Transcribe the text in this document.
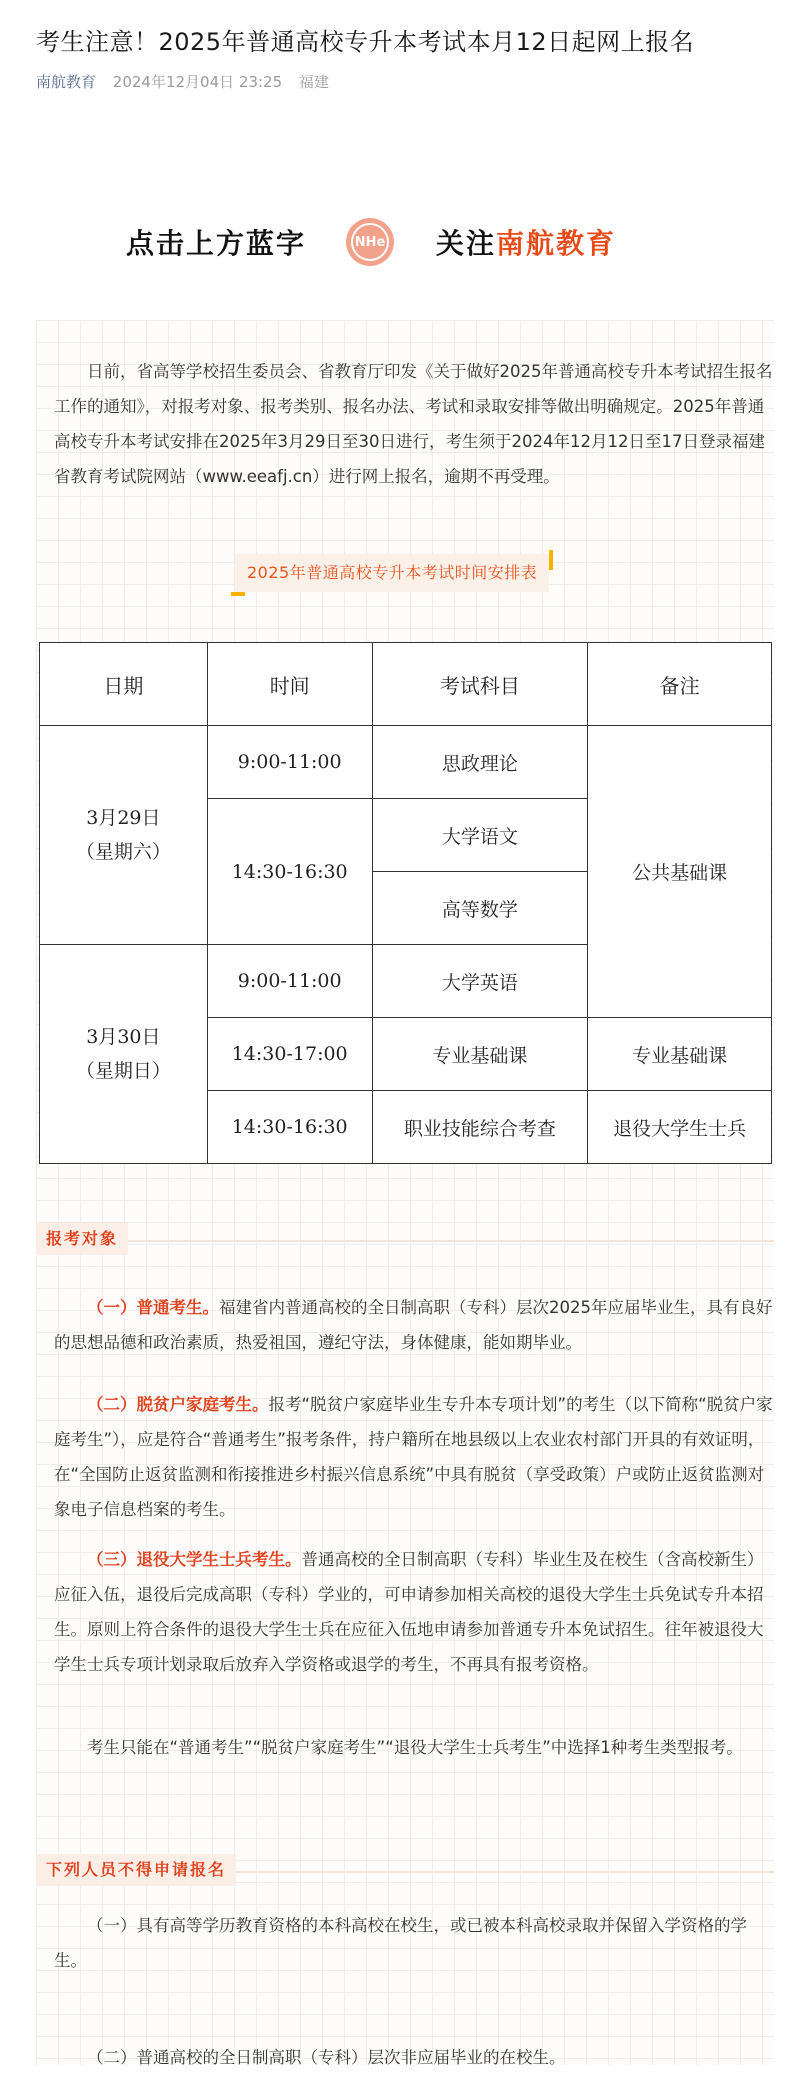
考生注意！2025年普通高校专升本考试本月12日起网上报名
南航教育 2024年12月04日 23:25 福建
点击上方蓝字	NHe 关注南航教育

日前，省高等学校招生委员会、省教育厅印发《关于做好2025年普通高校专升本考试招生报名工作的通知》，对报考对象、报考类别、报名办法、考试和录取安排等做出明确规定。2025年普通高校专升本考试安排在2025年3月29日至30日进行，考生须于2024年12月12日至17日登录福建省教育考试院网站（www.eeafj.cn）进行网上报名，逾期不再受理。

2025年普通高校专升本考试时间安排表
日期	时间	考试科目	备注

3月29日
（星期六）	9:00-11:00	思政理论	公共基础课
	14:30-16:30	大学语文	
		高等数学	

3月30日
（星期日）	9:00-11:00	大学英语	
	14:30-17:00	专业基础课	专业基础课
	14:30-16:30	职业技能综合考查	退役大学生士兵
报考对象

（一）普通考生。福建省内普通高校的全日制高职（专科）层次2025年应届毕业生，具有良好的思想品德和政治素质，热爱祖国，遵纪守法，身体健康，能如期毕业。

（二）脱贫户家庭考生。报考“脱贫户家庭毕业生专升本专项计划”的考生（以下简称“脱贫户家庭考生”），应是符合“普通考生”报考条件，持户籍所在地县级以上农业农村部门开具的有效证明，在“全国防止返贫监测和衔接推进乡村振兴信息系统”中具有脱贫（享受政策）户或防止返贫监测对象电子信息档案的考生。

（三）退役大学生士兵考生。普通高校的全日制高职（专科）毕业生及在校生（含高校新生）应征入伍，退役后完成高职（专科）学业的，可申请参加相关高校的退役大学生士兵免试专升本招生。原则上符合条件的退役大学生士兵在应征入伍地申请参加普通专升本免试招生。往年被退役大学生士兵专项计划录取后放弃入学资格或退学的考生，不再具有报考资格。

考生只能在“普通考生”“脱贫户家庭考生”“退役大学生士兵考生”中选择1种考生类型报考。

下列人员不得申请报名

（一）具有高等学历教育资格的本科高校在校生，或已被本科高校录取并保留入学资格的学生。

（二）普通高校的全日制高职（专科）层次非应届毕业的在校生。
